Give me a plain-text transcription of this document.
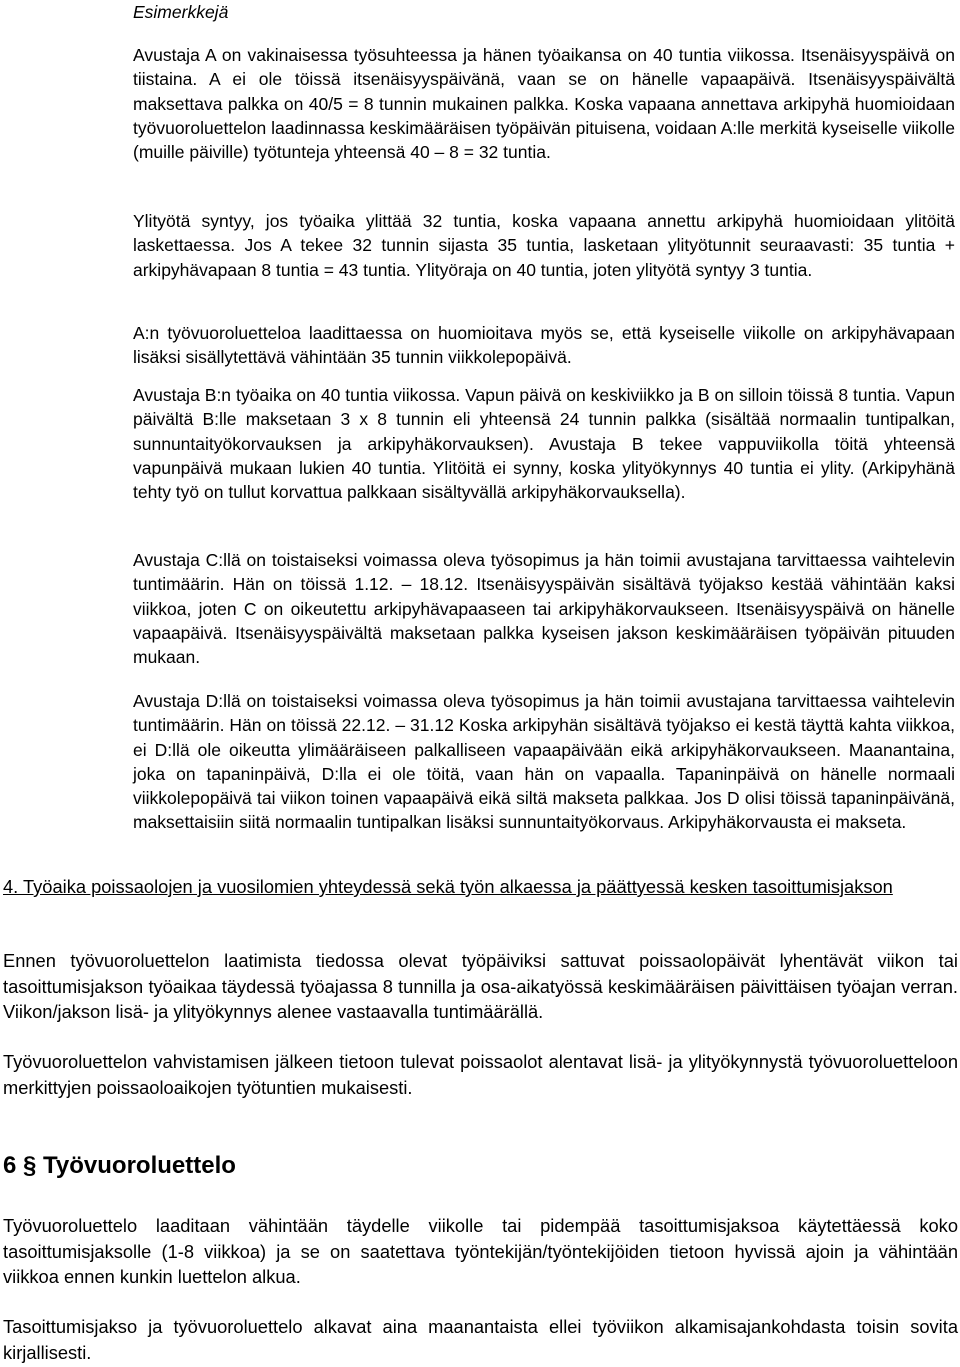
Esimerkkejä

Avustaja A on vakinaisessa työsuhteessa ja hänen työaikansa on 40 tuntia viikossa. Itsenäisyyspäivä on tiistaina. A ei ole töissä itsenäisyyspäivänä, vaan se on hänelle vapaapäivä. Itsenäisyyspäivältä maksettava palkka on 40/5 = 8 tunnin mukainen palkka. Koska vapaana annettava arkipyhä huomioidaan työvuoroluettelon laadinnassa keskimääräisen työpäivän pituisena, voidaan A:lle merkitä kyseiselle viikolle (muille päiville) työtunteja yhteensä 40 – 8 = 32 tuntia.

Ylityötä syntyy, jos työaika ylittää 32 tuntia, koska vapaana annettu arkipyhä huomioidaan ylitöitä laskettaessa. Jos A tekee 32 tunnin sijasta 35 tuntia, lasketaan ylityötunnit seuraavasti: 35 tuntia + arkipyhävapaan 8 tuntia = 43 tuntia. Ylityöraja on 40 tuntia, joten ylityötä syntyy 3 tuntia.

A:n työvuoroluetteloa laadittaessa on huomioitava myös se, että kyseiselle viikolle on arkipyhävapaan lisäksi sisällytettävä vähintään 35 tunnin viikkolepopäivä.

Avustaja B:n työaika on 40 tuntia viikossa. Vapun päivä on keskiviikko ja B on silloin töissä 8 tuntia. Vapun päivältä B:lle maksetaan 3 x 8 tunnin eli yhteensä 24 tunnin palkka (sisältää normaalin tuntipalkan, sunnuntaityökorvauksen ja arkipyhäkorvauksen). Avustaja B tekee vappuviikolla töitä yhteensä vapunpäivä mukaan lukien 40 tuntia. Ylitöitä ei synny, koska ylityökynnys 40 tuntia ei ylity. (Arkipyhänä tehty työ on tullut korvattua palkkaan sisältyvällä arkipyhäkorvauksella).

Avustaja C:llä on toistaiseksi voimassa oleva työsopimus ja hän toimii avustajana tarvittaessa vaihtelevin tuntimäärin. Hän on töissä 1.12. – 18.12. Itsenäisyyspäivän sisältävä työjakso kestää vähintään kaksi viikkoa, joten C on oikeutettu arkipyhävapaaseen tai arkipyhäkorvaukseen. Itsenäisyyspäivä on hänelle vapaapäivä. Itsenäisyyspäivältä maksetaan palkka kyseisen jakson keskimääräisen työpäivän pituuden mukaan.

Avustaja D:llä on toistaiseksi voimassa oleva työsopimus ja hän toimii avustajana tarvittaessa vaihtelevin tuntimäärin. Hän on töissä 22.12. – 31.12 Koska arkipyhän sisältävä työjakso ei kestä täyttä kahta viikkoa, ei D:llä ole oikeutta ylimääräiseen palkalliseen vapaapäivään eikä arkipyhäkorvaukseen. Maanantaina, joka on tapaninpäivä, D:lla ei ole töitä, vaan hän on vapaalla. Tapaninpäivä on hänelle normaali viikkolepopäivä tai viikon toinen vapaapäivä eikä siltä makseta palkkaa. Jos D olisi töissä tapaninpäivänä, maksettaisiin siitä normaalin tuntipalkan lisäksi sunnuntaityökorvaus. Arkipyhäkorvausta ei makseta.

4. Työaika poissaolojen ja vuosilomien yhteydessä sekä työn alkaessa ja päättyessä kesken tasoittumisjakson

Ennen työvuoroluettelon laatimista tiedossa olevat työpäiviksi sattuvat poissaolopäivät lyhentävät viikon tai tasoittumisjakson työaikaa täydessä työajassa 8 tunnilla ja osa-aikatyössä keskimääräisen päivittäisen työajan verran. Viikon/jakson lisä- ja ylityökynnys alenee vastaavalla tuntimäärällä.

Työvuoroluettelon vahvistamisen jälkeen tietoon tulevat poissaolot alentavat lisä- ja ylityökynnystä työvuoroluetteloon merkittyjen poissaoloaikojen työtuntien mukaisesti.

6 § Työvuoroluettelo

Työvuoroluettelo laaditaan vähintään täydelle viikolle tai pidempää tasoittumisjaksoa käytettäessä koko tasoittumisjaksolle (1-8 viikkoa) ja se on saatettava työntekijän/työntekijöiden tietoon hyvissä ajoin ja vähintään viikkoa ennen kunkin luettelon alkua.

Tasoittumisjakso ja työvuoroluettelo alkavat aina maanantaista ellei työviikon alkamisajankohdasta toisin sovita kirjallisesti.
